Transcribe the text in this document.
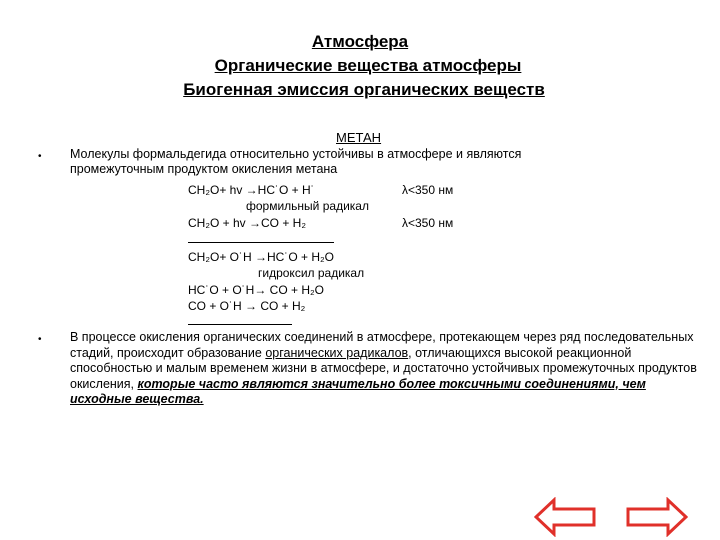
Атмосфера
Органические вещества атмосферы
Биогенная эмиссия органических веществ
МЕТАН
• Молекулы формальдегида относительно устойчивы в атмосфере и являются
промежуточным продуктом окисления метана
CH₂O+ hv →HC˙O + H˙	λ<350 нм
формильный радикал
CH₂O + hv →CO + H₂	λ<350 нм
CH₂O+ O˙H →HC˙O + H₂O
гидроксил радикал
HC˙O + O˙H→ CO + H₂O
CO + O˙H → CO + H₂
• В процессе окисления органических соединений в атмосфере, протекающем через ряд последовательных стадий, происходит образование органических радикалов, отличающихся высокой реакционной способностью и малым временем жизни в атмосфере, и достаточно устойчивых промежуточных продуктов окисления, которые часто являются значительно более токсичными соединениями, чем исходные вещества.
